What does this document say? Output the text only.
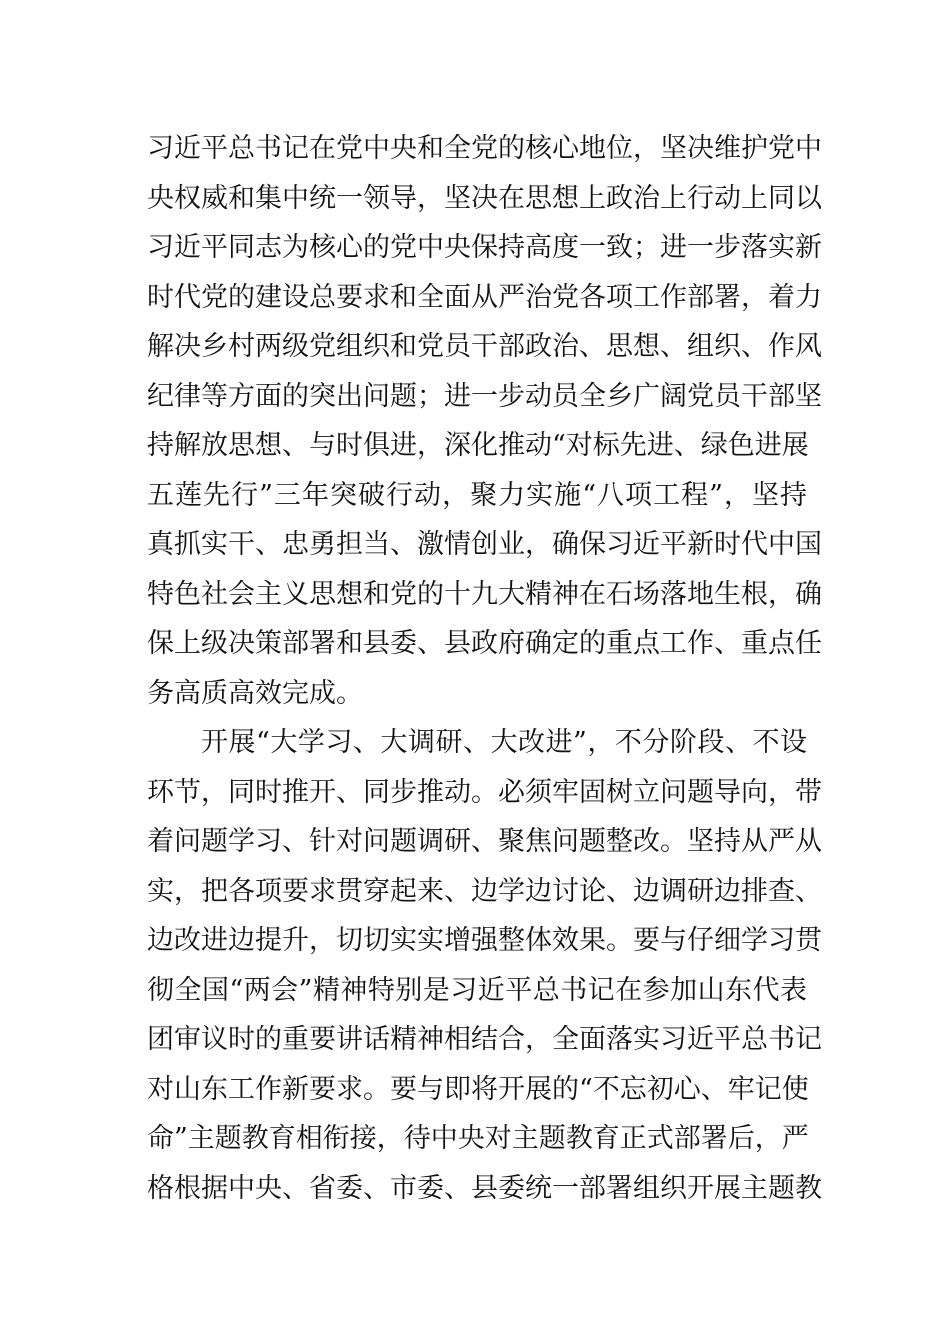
习近平总书记在党中央和全党的核心地位，坚决维护党中
央权威和集中统一领导，坚决在思想上政治上行动上同以
习近平同志为核心的党中央保持高度一致；进一步落实新
时代党的建设总要求和全面从严治党各项工作部署，着力
解决乡村两级党组织和党员干部政治、思想、组织、作风
纪律等方面的突出问题；进一步动员全乡广阔党员干部坚
持解放思想、与时俱进，深化推动“对标先进、绿色进展
五莲先行”三年突破行动，聚力实施“八项工程”，坚持
真抓实干、忠勇担当、激情创业，确保习近平新时代中国
特色社会主义思想和党的十九大精神在石场落地生根，确
保上级决策部署和县委、县政府确定的重点工作、重点任
务高质高效完成。
开展“大学习、大调研、大改进”，不分阶段、不设
环节，同时推开、同步推动。必须牢固树立问题导向，带
着问题学习、针对问题调研、聚焦问题整改。坚持从严从
实，把各项要求贯穿起来、边学边讨论、边调研边排查、
边改进边提升，切切实实增强整体效果。要与仔细学习贯
彻全国“两会”精神特别是习近平总书记在参加山东代表
团审议时的重要讲话精神相结合，全面落实习近平总书记
对山东工作新要求。要与即将开展的“不忘初心、牢记使
命”主题教育相衔接，待中央对主题教育正式部署后，严
格根据中央、省委、市委、县委统一部署组织开展主题教
